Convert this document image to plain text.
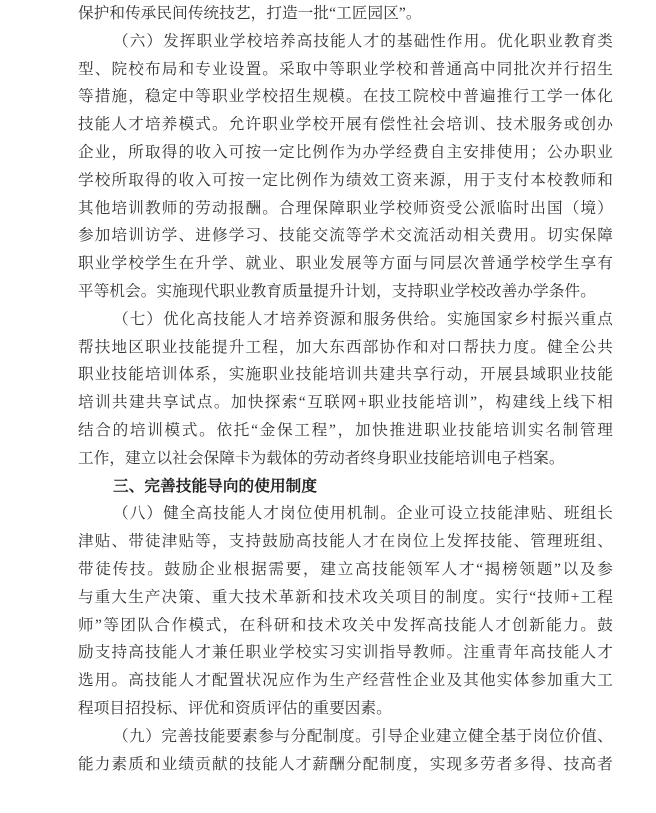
保护和传承民间传统技艺，打造一批“工匠园区”。
（六）发挥职业学校培养高技能人才的基础性作用。优化职业教育类
型、院校布局和专业设置。采取中等职业学校和普通高中同批次并行招生
等措施，稳定中等职业学校招生规模。在技工院校中普遍推行工学一体化
技能人才培养模式。允许职业学校开展有偿性社会培训、技术服务或创办
企业，所取得的收入可按一定比例作为办学经费自主安排使用；公办职业
学校所取得的收入可按一定比例作为绩效工资来源，用于支付本校教师和
其他培训教师的劳动报酬。合理保障职业学校师资受公派临时出国（境）
参加培训访学、进修学习、技能交流等学术交流活动相关费用。切实保障
职业学校学生在升学、就业、职业发展等方面与同层次普通学校学生享有
平等机会。实施现代职业教育质量提升计划，支持职业学校改善办学条件。
（七）优化高技能人才培养资源和服务供给。实施国家乡村振兴重点
帮扶地区职业技能提升工程，加大东西部协作和对口帮扶力度。健全公共
职业技能培训体系，实施职业技能培训共建共享行动，开展县域职业技能
培训共建共享试点。加快探索“互联网+职业技能培训”，构建线上线下相
结合的培训模式。依托“金保工程”，加快推进职业技能培训实名制管理
工作，建立以社会保障卡为载体的劳动者终身职业技能培训电子档案。
三、完善技能导向的使用制度
（八）健全高技能人才岗位使用机制。企业可设立技能津贴、班组长
津贴、带徒津贴等，支持鼓励高技能人才在岗位上发挥技能、管理班组、
带徒传技。鼓励企业根据需要，建立高技能领军人才“揭榜领题”以及参
与重大生产决策、重大技术革新和技术攻关项目的制度。实行“技师+工程
师”等团队合作模式，在科研和技术攻关中发挥高技能人才创新能力。鼓
励支持高技能人才兼任职业学校实习实训指导教师。注重青年高技能人才
选用。高技能人才配置状况应作为生产经营性企业及其他实体参加重大工
程项目招投标、评优和资质评估的重要因素。
（九）完善技能要素参与分配制度。引导企业建立健全基于岗位价值、
能力素质和业绩贡献的技能人才薪酬分配制度，实现多劳者多得、技高者
